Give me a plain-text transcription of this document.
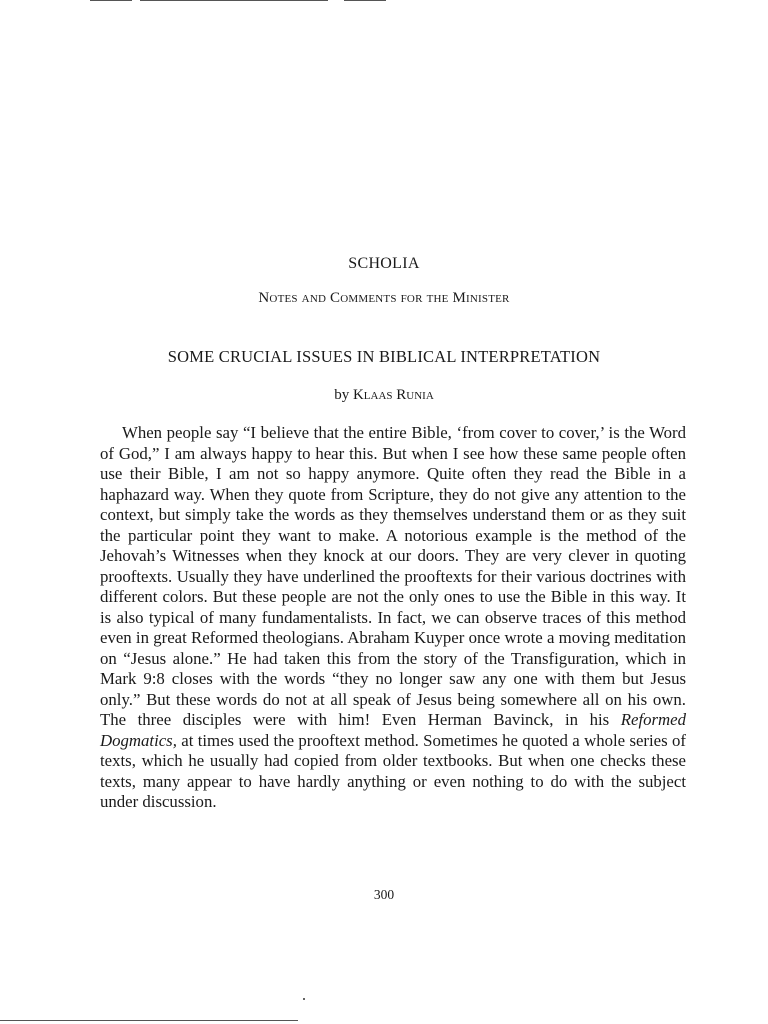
SCHOLIA
Notes and Comments for the Minister
SOME CRUCIAL ISSUES IN BIBLICAL INTERPRETATION
by Klaas Runia

When people say “I believe that the entire Bible, ‘from cover to cover,’ is the Word of God,” I am always happy to hear this. But when I see how these same people often use their Bible, I am not so happy anymore. Quite often they read the Bible in a haphazard way. When they quote from Scripture, they do not give any attention to the context, but simply take the words as they themselves understand them or as they suit the particular point they want to make. A notorious example is the method of the Jehovah’s Witnesses when they knock at our doors. They are very clever in quoting prooftexts. Usually they have underlined the prooftexts for their various doctrines with different colors. But these people are not the only ones to use the Bible in this way. It is also typical of many fundamentalists. In fact, we can observe traces of this method even in great Reformed theologians. Abraham Kuyper once wrote a moving meditation on “Jesus alone.” He had taken this from the story of the Transfiguration, which in Mark 9:8 closes with the words “they no longer saw any one with them but Jesus only.” But these words do not at all speak of Jesus being somewhere all on his own. The three disciples were with him! Even Herman Bavinck, in his Reformed Dogmatics, at times used the prooftext method. Sometimes he quoted a whole series of texts, which he usually had copied from older textbooks. But when one checks these texts, many appear to have hardly anything or even nothing to do with the subject under discussion.

300
